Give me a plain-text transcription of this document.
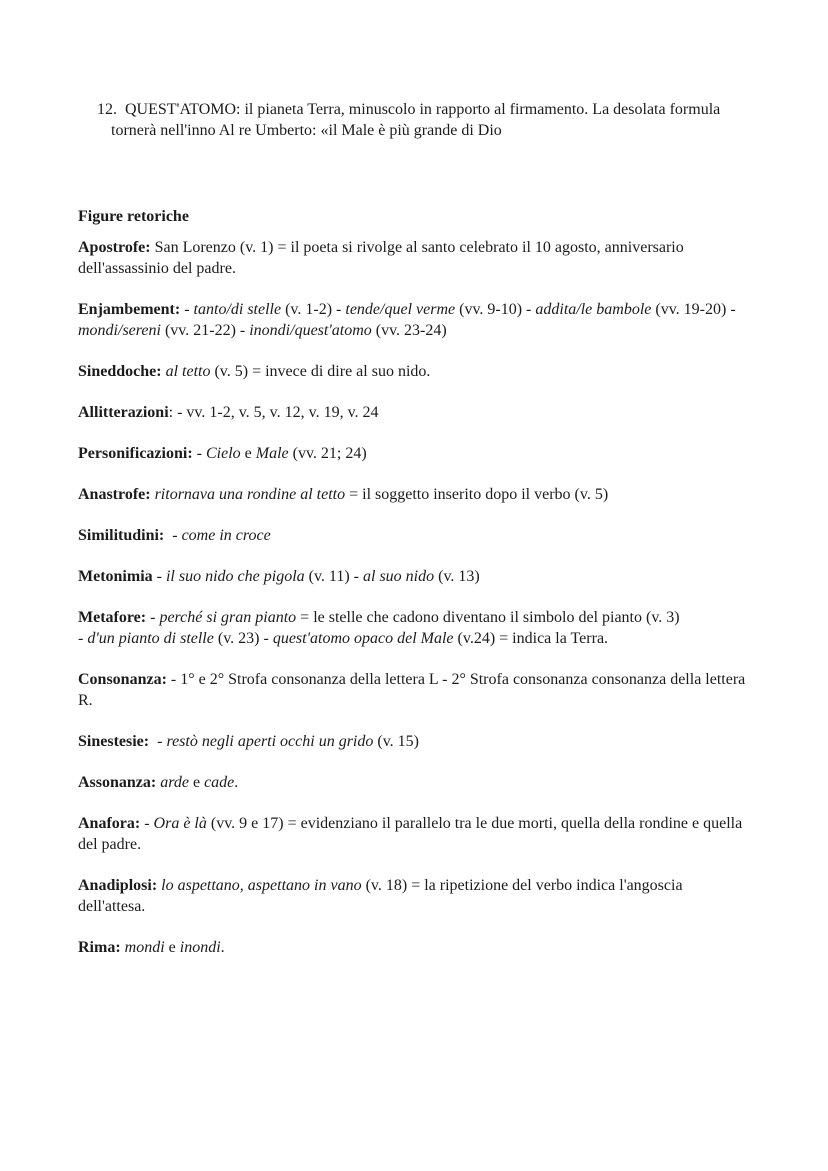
12. QUEST'ATOMO: il pianeta Terra, minuscolo in rapporto al firmamento. La desolata formula tornerà nell'inno Al re Umberto: «il Male è più grande di Dio
Figure retoriche

Apostrofe: San Lorenzo (v. 1) = il poeta si rivolge al santo celebrato il 10 agosto, anniversario dell'assassinio del padre.

Enjambement: - tanto/di stelle (v. 1-2) - tende/quel verme (vv. 9-10) - addita/le bambole (vv. 19-20) - mondi/sereni (vv. 21-22) - inondi/quest'atomo (vv. 23-24)

Sineddoche: al tetto (v. 5) = invece di dire al suo nido.

Allitterazioni: - vv. 1-2, v. 5, v. 12, v. 19, v. 24

Personificazioni: - Cielo e Male (vv. 21; 24)

Anastrofe: ritornava una rondine al tetto = il soggetto inserito dopo il verbo (v. 5)

Similitudini:  - come in croce

Metonimia - il suo nido che pigola (v. 11) - al suo nido (v. 13)

Metafore: - perché si gran pianto = le stelle che cadono diventano il simbolo del pianto (v. 3)
- d'un pianto di stelle (v. 23) - quest'atomo opaco del Male (v.24) = indica la Terra.

Consonanza: - 1° e 2° Strofa consonanza della lettera L - 2° Strofa consonanza consonanza della lettera R.

Sinestesie:  - restò negli aperti occhi un grido (v. 15)

Assonanza: arde e cade.

Anafora: - Ora è là (vv. 9 e 17) = evidenziano il parallelo tra le due morti, quella della rondine e quella del padre.

Anadiplosi: lo aspettano, aspettano in vano (v. 18) = la ripetizione del verbo indica l'angoscia dell'attesa.

Rima: mondi e inondi.
